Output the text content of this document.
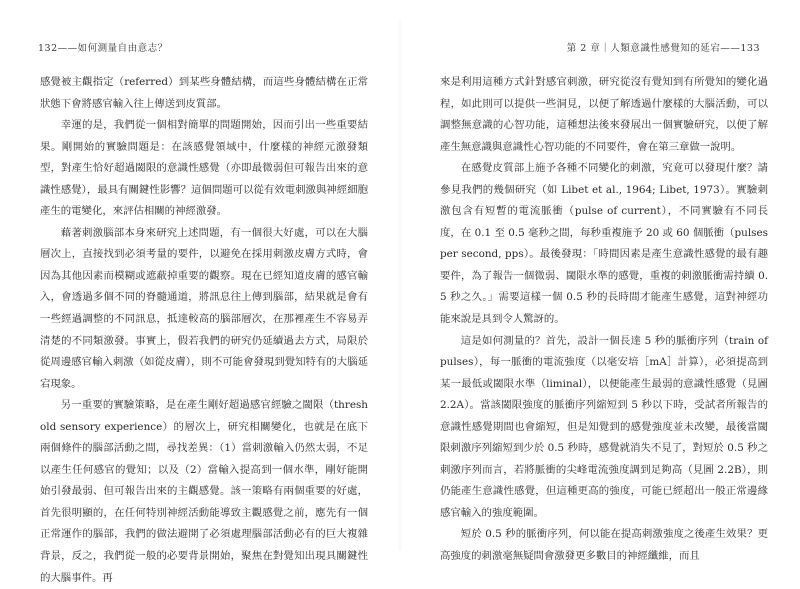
132——如何測量自由意志？	第 2 章｜人類意識性感覺知的延宕——133

感覺被主觀指定（referred）到某些身體結構，而這些身體結構在正常狀態下會將感官輸入往上傳送到皮質部。

幸運的是，我們從一個相對簡單的問題開始，因而引出一些重要結果。剛開始的實驗問題是：在該感覺領域中，什麼樣的神經元激發類型，對產生恰好超過閾限的意識性感覺（亦即最微弱但可報告出來的意識性感覺），最具有關鍵性影響？這個問題可以從有效電刺激與神經細胞產生的電變化，來評估相關的神經激發。

藉著刺激腦部本身來研究上述問題，有一個很大好處，可以在大腦層次上，直接找到必須考量的要件，以避免在採用刺激皮膚方式時，會因為其他因素而模糊或遮蔽掉重要的觀察。現在已經知道皮膚的感官輸入，會透過多個不同的脊髓通道，將訊息往上傳到腦部，結果就是會有一些經過調整的不同訊息，抵達較高的腦部層次，在那裡產生不容易弄清楚的不同類激發。事實上，假若我們的研究仍延續過去方式，局限於從周邊感官輸入刺激（如從皮膚），則不可能會發現到覺知特有的大腦延宕現象。

另一重要的實驗策略，是在產生剛好超過感官經驗之閾限（threshold sensory experience）的層次上，研究相關變化，也就是在底下兩個條件的腦部活動之間，尋找差異：（1）當刺激輸入仍然太弱，不足以產生任何感官的覺知；以及（2）當輸入提高到一個水準，剛好能開始引發最弱、但可報告出來的主觀感覺。該一策略有兩個重要的好處，首先很明顯的，在任何特別神經活動能導致主觀感覺之前，應先有一個正常運作的腦部，我們的做法避開了必須處理腦部活動必有的巨大複雜背景，反之，我們從一般的必要背景開始，聚焦在對覺知出現具關鍵性的大腦事件。再

來是利用這種方式針對感官刺激，研究從沒有覺知到有所覺知的變化過程，如此則可以提供一些洞見，以便了解透過什麼樣的大腦活動，可以調整無意識的心智功能，這種想法後來發展出一個實驗研究，以便了解產生無意識與意識性心智功能的不同要件，會在第三章做一說明。

在感覺皮質部上施予各種不同變化的刺激，究竟可以發現什麼？請參見我們的幾個研究（如 Libet et al., 1964; Libet, 1973）。實驗刺激包含有短暫的電流脈衝（pulse of current），不同實驗有不同長度，在 0.1 至 0.5 毫秒之間，每秒重複施予 20 或 60 個脈衝（pulses per second, pps）。最後發現：「時間因素是產生意識性感覺的最有趣要件，為了報告一個微弱、閾限水準的感覺，重複的刺激脈衝需持續 0.5 秒之久。」需要這樣一個 0.5 秒的長時間才能產生感覺，這對神經功能來說是具到令人驚訝的。

這是如何測量的？首先，設計一個長達 5 秒的脈衝序列（train of pulses），每一脈衝的電流強度（以毫安培［mA］計算），必須提高到某一最低或閾限水準（liminal），以便能產生最弱的意識性感覺（見圖 2.2A）。當該閾限強度的脈衝序列縮短到 5 秒以下時，受試者所報告的意識性感覺期間也會縮短，但是知覺到的感覺強度並未改變，最後當閾限刺激序列縮短到少於 0.5 秒時，感覺就消失不見了，對短於 0.5 秒之刺激序列而言，若將脈衝的尖峰電流強度調到足夠高（見圖 2.2B），則仍能產生意識性感覺，但這種更高的強度，可能已經超出一般正常邊緣感官輸入的強度範圍。

短於 0.5 秒的脈衝序列，何以能在提高刺激強度之後產生效果？更高強度的刺激毫無疑問會激發更多數目的神經纖維，而且
